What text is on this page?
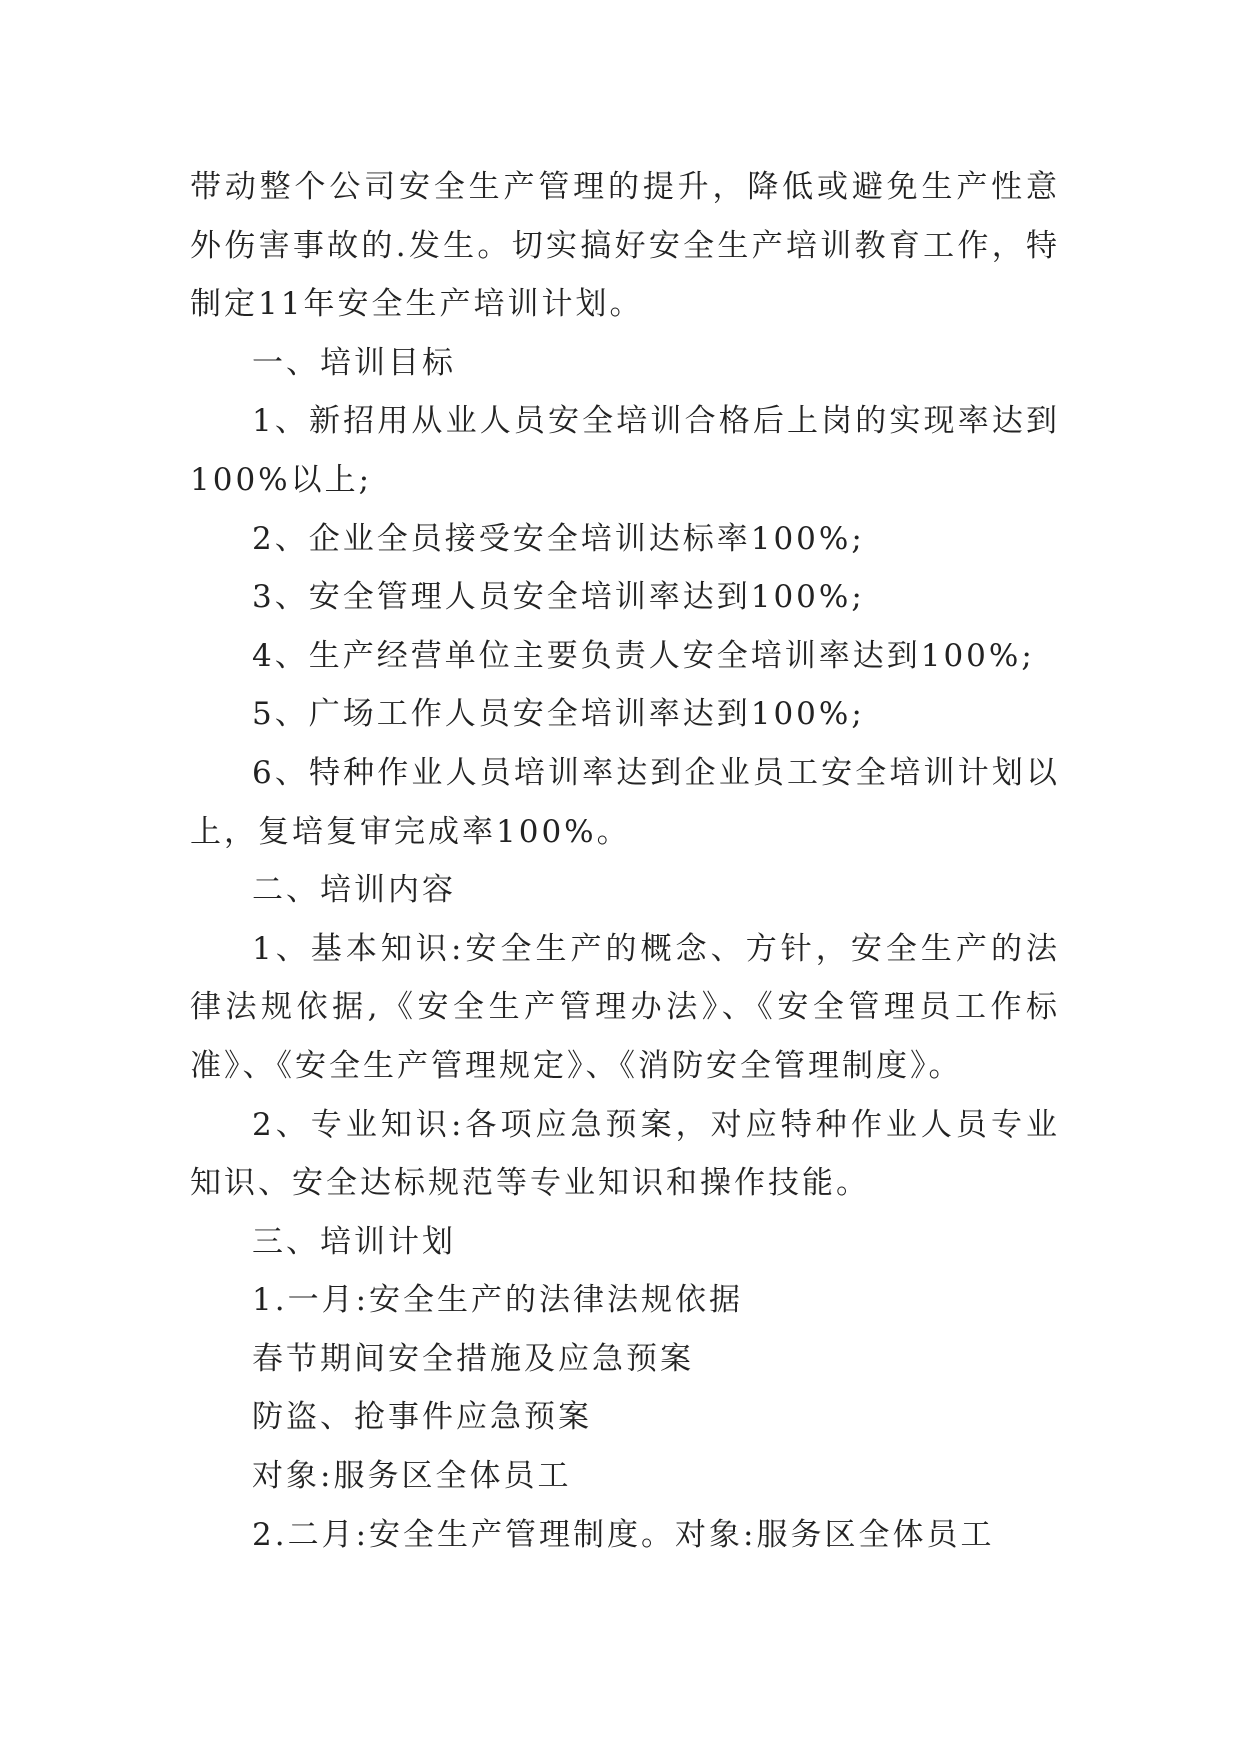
带动整个公司安全生产管理的提升，降低或避免生产性意外伤害事故的.发生。切实搞好安全生产培训教育工作，特制定11年安全生产培训计划。

一、培训目标

1、新招用从业人员安全培训合格后上岗的实现率达到100%以上;

2、企业全员接受安全培训达标率100%;

3、安全管理人员安全培训率达到100%;

4、生产经营单位主要负责人安全培训率达到100%;

5、广场工作人员安全培训率达到100%;

6、特种作业人员培训率达到企业员工安全培训计划以上，复培复审完成率100%。

二、培训内容

1、基本知识:安全生产的概念、方针，安全生产的法律法规依据,《安全生产管理办法》、《安全管理员工作标准》、《安全生产管理规定》、《消防安全管理制度》。

2、专业知识:各项应急预案，对应特种作业人员专业知识、安全达标规范等专业知识和操作技能。

三、培训计划

1.一月:安全生产的法律法规依据

春节期间安全措施及应急预案

防盗、抢事件应急预案

对象:服务区全体员工

2.二月:安全生产管理制度。对象:服务区全体员工
